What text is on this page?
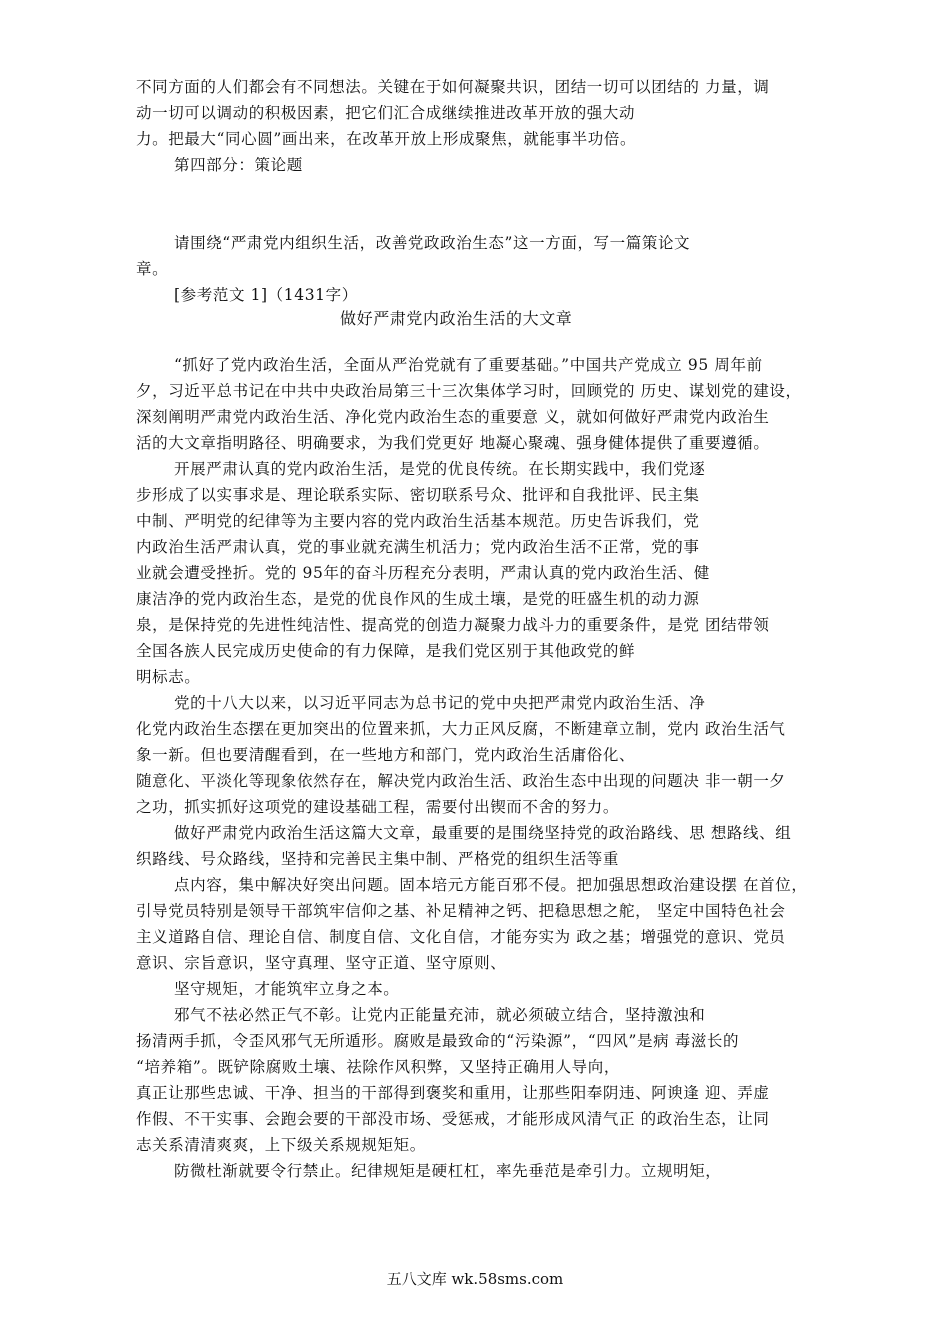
不同方面的人们都会有不同想法。关键在于如何凝聚共识，团结一切可以团结的 力量，调
动一切可以调动的积极因素，把它们汇合成继续推进改革开放的强大动
力。把最大“同心圆”画出来，在改革开放上形成聚焦，就能事半功倍。
第四部分：策论题
请围绕“严肃党内组织生活，改善党政政治生态”这一方面，写一篇策论文
章。
[参考范文 1]（1431字）
做好严肃党内政治生活的大文章
“抓好了党内政治生活，全面从严治党就有了重要基础。”中国共产党成立 95 周年前
夕，习近平总书记在中共中央政治局第三十三次集体学习时，回顾党的 历史、谋划党的建设，
深刻阐明严肃党内政治生活、净化党内政治生态的重要意 义，就如何做好严肃党内政治生
活的大文章指明路径、明确要求，为我们党更好 地凝心聚魂、强身健体提供了重要遵循。
开展严肃认真的党内政治生活，是党的优良传统。在长期实践中，我们党逐
步形成了以实事求是、理论联系实际、密切联系号众、批评和自我批评、民主集
中制、严明党的纪律等为主要内容的党内政治生活基本规范。历史告诉我们，党
内政治生活严肃认真，党的事业就充满生机活力；党内政治生活不正常，党的事
业就会遭受挫折。党的 95年的奋斗历程充分表明，严肃认真的党内政治生活、健
康洁净的党内政治生态，是党的优良作风的生成土壤，是党的旺盛生机的动力源
泉，是保持党的先进性纯洁性、提高党的创造力凝聚力战斗力的重要条件，是党 团结带领
全国各族人民完成历史使命的有力保障，是我们党区别于其他政党的鲜
明标志。
党的十八大以来，以习近平同志为总书记的党中央把严肃党内政治生活、净
化党内政治生态摆在更加突出的位置来抓，大力正风反腐，不断建章立制，党内 政治生活气
象一新。但也要清醒看到，在一些地方和部门，党内政治生活庸俗化、
随意化、平淡化等现象依然存在，解决党内政治生活、政治生态中出现的问题决 非一朝一夕
之功，抓实抓好这项党的建设基础工程，需要付出锲而不舍的努力。
做好严肃党内政治生活这篇大文章，最重要的是围绕坚持党的政治路线、思 想路线、组
织路线、号众路线，坚持和完善民主集中制、严格党的组织生活等重
点内容，集中解决好突出问题。固本培元方能百邪不侵。把加强思想政治建设摆 在首位，
引导党员特别是领导干部筑牢信仰之基、补足精神之钙、把稳思想之舵， 坚定中国特色社会
主义道路自信、理论自信、制度自信、文化自信，才能夯实为 政之基；增强党的意识、党员
意识、宗旨意识，坚守真理、坚守正道、坚守原则、
坚守规矩，才能筑牢立身之本。
邪气不祛必然正气不彰。让党内正能量充沛，就必须破立结合，坚持激浊和
扬清两手抓，令歪风邪气无所遁形。腐败是最致命的“污染源”，“四风”是病 毒滋长的
“培养箱”。既铲除腐败土壤、祛除作风积弊，又坚持正确用人导向，
真正让那些忠诚、干净、担当的干部得到褒奖和重用，让那些阳奉阴违、阿谀逢 迎、弄虚
作假、不干实事、会跑会要的干部没市场、受惩戒，才能形成风清气正 的政治生态，让同
志关系清清爽爽，上下级关系规规矩矩。
防微杜渐就要令行禁止。纪律规矩是硬杠杠，率先垂范是牵引力。立规明矩，
五八文库 wk.58sms.com
